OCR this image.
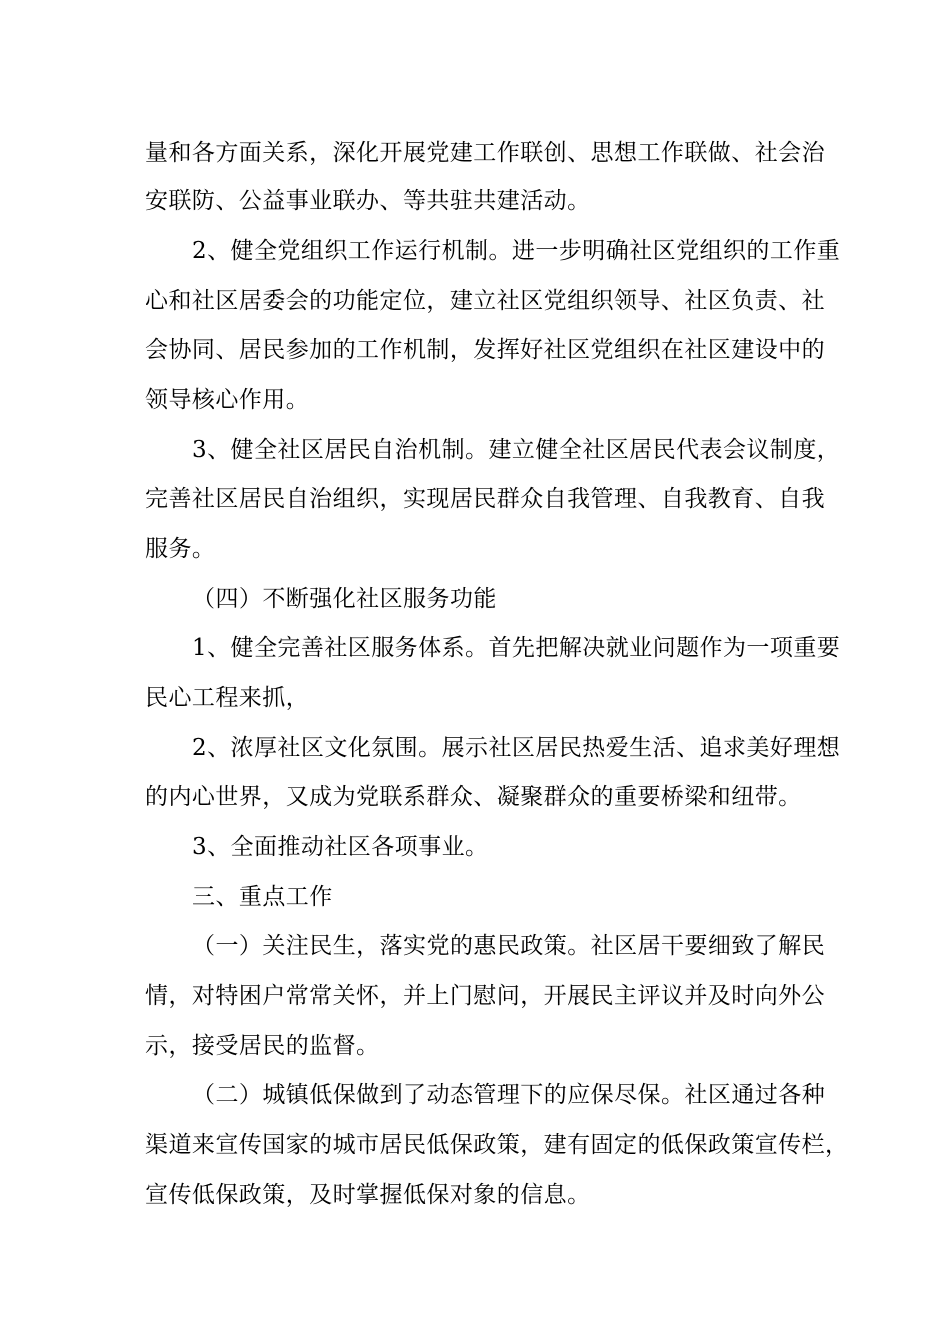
量和各方面关系，深化开展党建工作联创、思想工作联做、社会治
安联防、公益事业联办、等共驻共建活动。
2、健全党组织工作运行机制。进一步明确社区党组织的工作重
心和社区居委会的功能定位，建立社区党组织领导、社区负责、社
会协同、居民参加的工作机制，发挥好社区党组织在社区建设中的
领导核心作用。
3、健全社区居民自治机制。建立健全社区居民代表会议制度，
完善社区居民自治组织，实现居民群众自我管理、自我教育、自我
服务。
（四）不断强化社区服务功能
1、健全完善社区服务体系。首先把解决就业问题作为一项重要
民心工程来抓，
2、浓厚社区文化氛围。展示社区居民热爱生活、追求美好理想
的内心世界，又成为党联系群众、凝聚群众的重要桥梁和纽带。
3、全面推动社区各项事业。
三、重点工作
（一）关注民生，落实党的惠民政策。社区居干要细致了解民
情，对特困户常常关怀，并上门慰问，开展民主评议并及时向外公
示，接受居民的监督。
（二）城镇低保做到了动态管理下的应保尽保。社区通过各种
渠道来宣传国家的城市居民低保政策，建有固定的低保政策宣传栏，
宣传低保政策，及时掌握低保对象的信息。
